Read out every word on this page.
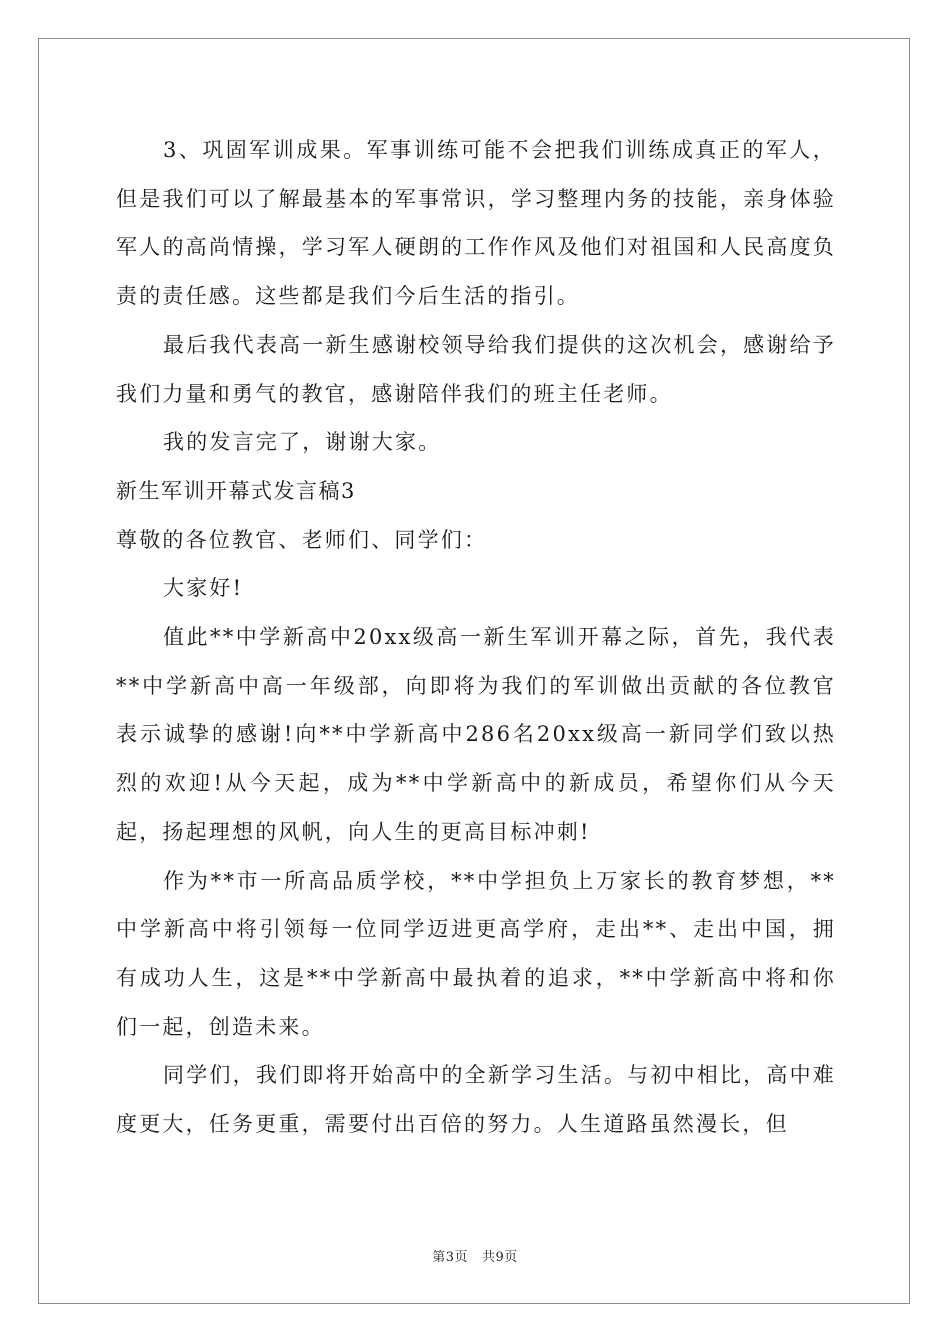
3、巩固军训成果。军事训练可能不会把我们训练成真正的军人，但是我们可以了解最基本的军事常识，学习整理内务的技能，亲身体验军人的高尚情操，学习军人硬朗的工作作风及他们对祖国和人民高度负责的责任感。这些都是我们今后生活的指引。

最后我代表高一新生感谢校领导给我们提供的这次机会，感谢给予我们力量和勇气的教官，感谢陪伴我们的班主任老师。

我的发言完了，谢谢大家。

新生军训开幕式发言稿3

尊敬的各位教官、老师们、同学们：

大家好!

值此**中学新高中20xx级高一新生军训开幕之际，首先，我代表**中学新高中高一年级部，向即将为我们的军训做出贡献的各位教官表示诚挚的感谢!向**中学新高中286名20xx级高一新同学们致以热烈的欢迎!从今天起，成为**中学新高中的新成员，希望你们从今天起，扬起理想的风帆，向人生的更高目标冲刺!

作为**市一所高品质学校，**中学担负上万家长的教育梦想，**中学新高中将引领每一位同学迈进更高学府，走出**、走出中国，拥有成功人生，这是**中学新高中最执着的追求，**中学新高中将和你们一起，创造未来。

同学们，我们即将开始高中的全新学习生活。与初中相比，高中难度更大，任务更重，需要付出百倍的努力。人生道路虽然漫长，但

第3页 共9页
